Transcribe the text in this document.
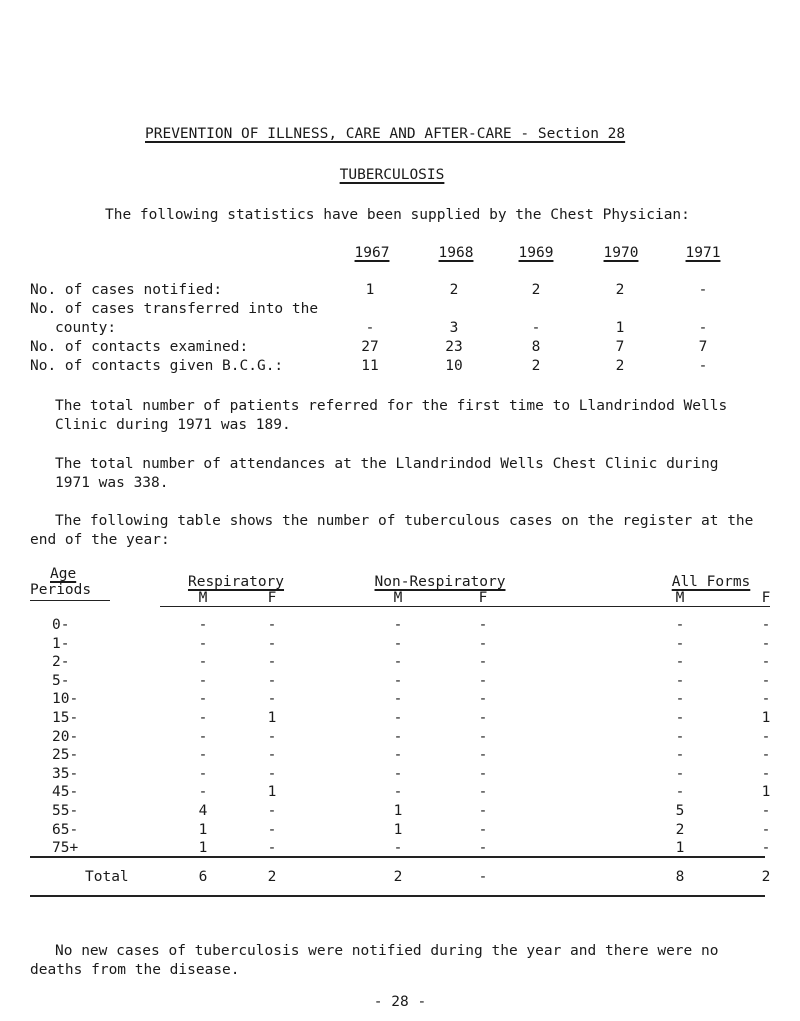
PREVENTION OF ILLNESS, CARE AND AFTER-CARE - Section 28
TUBERCULOSIS
The following statistics have been supplied by the Chest Physician:
1967	1968	1969	1970	1971
No. of cases notified:	1	2	2	2	-
No. of cases transferred into the
county:	-	3	-	1	-
No. of contacts examined:	27	23	8	7	7
No. of contacts given B.C.G.:	11	10	2	2	-
The total number of patients referred for the first time to Llandrindod Wells Clinic during 1971 was 189.
The total number of attendances at the Llandrindod Wells Chest Clinic during 1971 was 338.
The following table shows the number of tuberculous cases on the register at the end of the year:
Age
Periods	Respiratory	Non-Respiratory	All Forms
M	F	M	F	M	F
0-	-	-	-	-	-	-
1-	-	-	-	-	-	-
2-	-	-	-	-	-	-
5-	-	-	-	-	-	-
10-	-	-	-	-	-	-
15-	-	1	-	-	-	1
20-	-	-	-	-	-	-
25-	-	-	-	-	-	-
35-	-	-	-	-	-	-
45-	-	1	-	-	-	1
55-	4	-	1	-	5	-
65-	1	-	1	-	2	-
75+	1	-	-	-	1	-
Total	6	2	2	-	8	2
No new cases of tuberculosis were notified during the year and there were no deaths from the disease.
- 28 -
